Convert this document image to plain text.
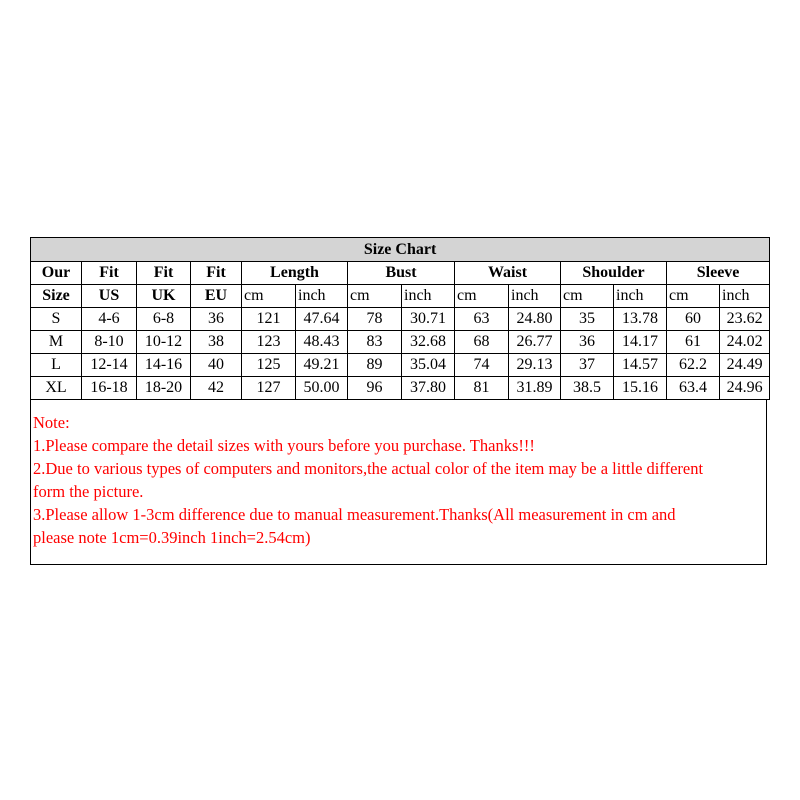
Size Chart													
Our	Fit	Fit	Fit	Length		Bust		Waist		Shoulder		Sleeve	
Size	US	UK	EU	cm	inch	cm	inch	cm	inch	cm	inch	cm	inch
S	4-6	6-8	36	121	47.64	78	30.71	63	24.80	35	13.78	60	23.62
M	8-10	10-12	38	123	48.43	83	32.68	68	26.77	36	14.17	61	24.02
L	12-14	14-16	40	125	49.21	89	35.04	74	29.13	37	14.57	62.2	24.49
XL	16-18	18-20	42	127	50.00	96	37.80	81	31.89	38.5	15.16	63.4	24.96
Note:
1.Please compare the detail sizes with yours before you purchase. Thanks!!!
2.Due to various types of computers and monitors,the actual color of the item may be a little different
form the picture.
3.Please allow 1-3cm difference due to manual measurement.Thanks(All measurement in cm and
please note 1cm=0.39inch 1inch=2.54cm)
